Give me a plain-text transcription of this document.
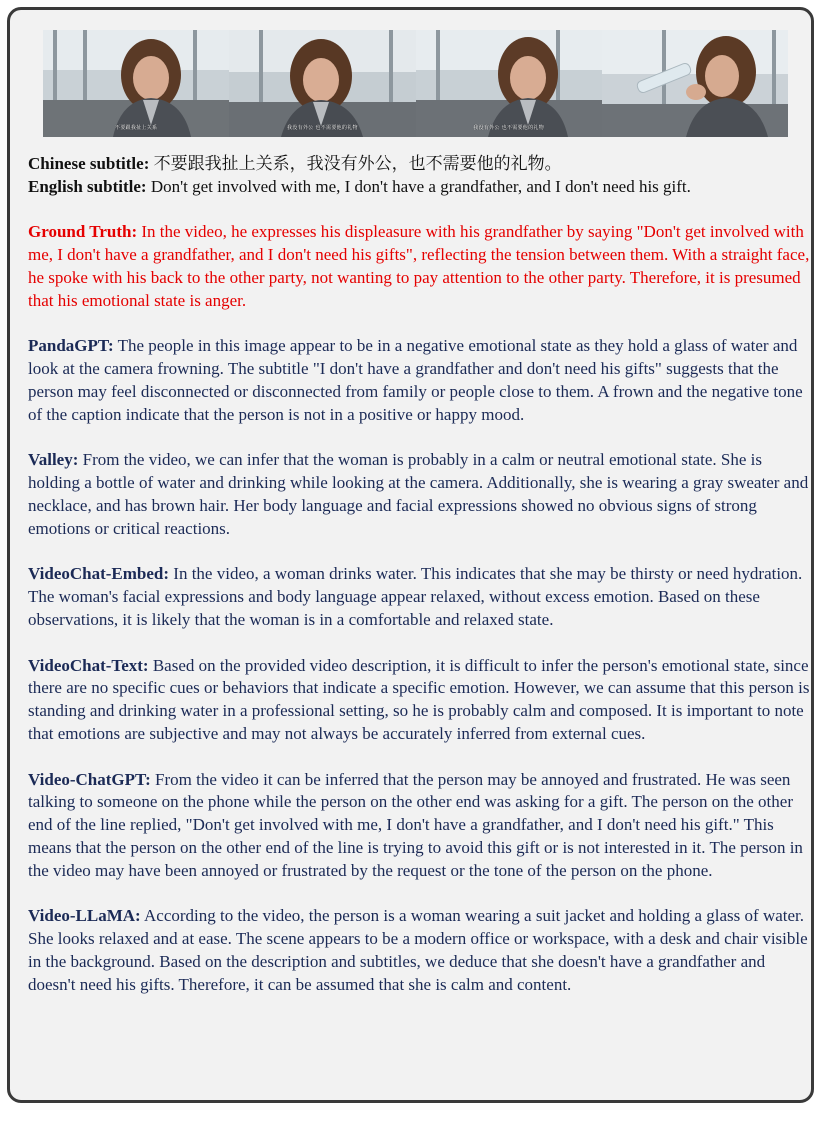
不要跟我扯上关系	我没有外公 也不需要他的礼物	我没有外公 也不需要他的礼物

Chinese subtitle: 不要跟我扯上关系，我没有外公，也不需要他的礼物。

English subtitle: Don't get involved with me, I don't have a grandfather, and I don't need his gift.

Ground Truth: In the video, he expresses his displeasure with his grandfather by saying "Don't get involved with me, I don't have a grandfather, and I don't need his gifts", reflecting the tension between them. With a straight face, he spoke with his back to the other party, not wanting to pay attention to the other party. Therefore, it is presumed that his emotional state is anger.

PandaGPT: The people in this image appear to be in a negative emotional state as they hold a glass of water and look at the camera frowning. The subtitle "I don't have a grandfather and don't need his gifts" suggests that the person may feel disconnected or disconnected from family or people close to them. A frown and the negative tone of the caption indicate that the person is not in a positive or happy mood.

Valley: From the video, we can infer that the woman is probably in a calm or neutral emotional state. She is holding a bottle of water and drinking while looking at the camera. Additionally, she is wearing a gray sweater and necklace, and has brown hair. Her body language and facial expressions showed no obvious signs of strong emotions or critical reactions.

VideoChat-Embed: In the video, a woman drinks water. This indicates that she may be thirsty or need hydration. The woman's facial expressions and body language appear relaxed, without excess emotion. Based on these observations, it is likely that the woman is in a comfortable and relaxed state.

VideoChat-Text: Based on the provided video description, it is difficult to infer the person's emotional state, since there are no specific cues or behaviors that indicate a specific emotion. However, we can assume that this person is standing and drinking water in a professional setting, so he is probably calm and composed. It is important to note that emotions are subjective and may not always be accurately inferred from external cues.

Video-ChatGPT: From the video it can be inferred that the person may be annoyed and frustrated. He was seen talking to someone on the phone while the person on the other end was asking for a gift. The person on the other end of the line replied, "Don't get involved with me, I don't have a grandfather, and I don't need his gift." This means that the person on the other end of the line is trying to avoid this gift or is not interested in it. The person in the video may have been annoyed or frustrated by the request or the tone of the person on the phone.

Video-LLaMA: According to the video, the person is a woman wearing a suit jacket and holding a glass of water. She looks relaxed and at ease. The scene appears to be a modern office or workspace, with a desk and chair visible in the background. Based on the description and subtitles, we deduce that she doesn't have a grandfather and doesn't need his gifts. Therefore, it can be assumed that she is calm and content.
